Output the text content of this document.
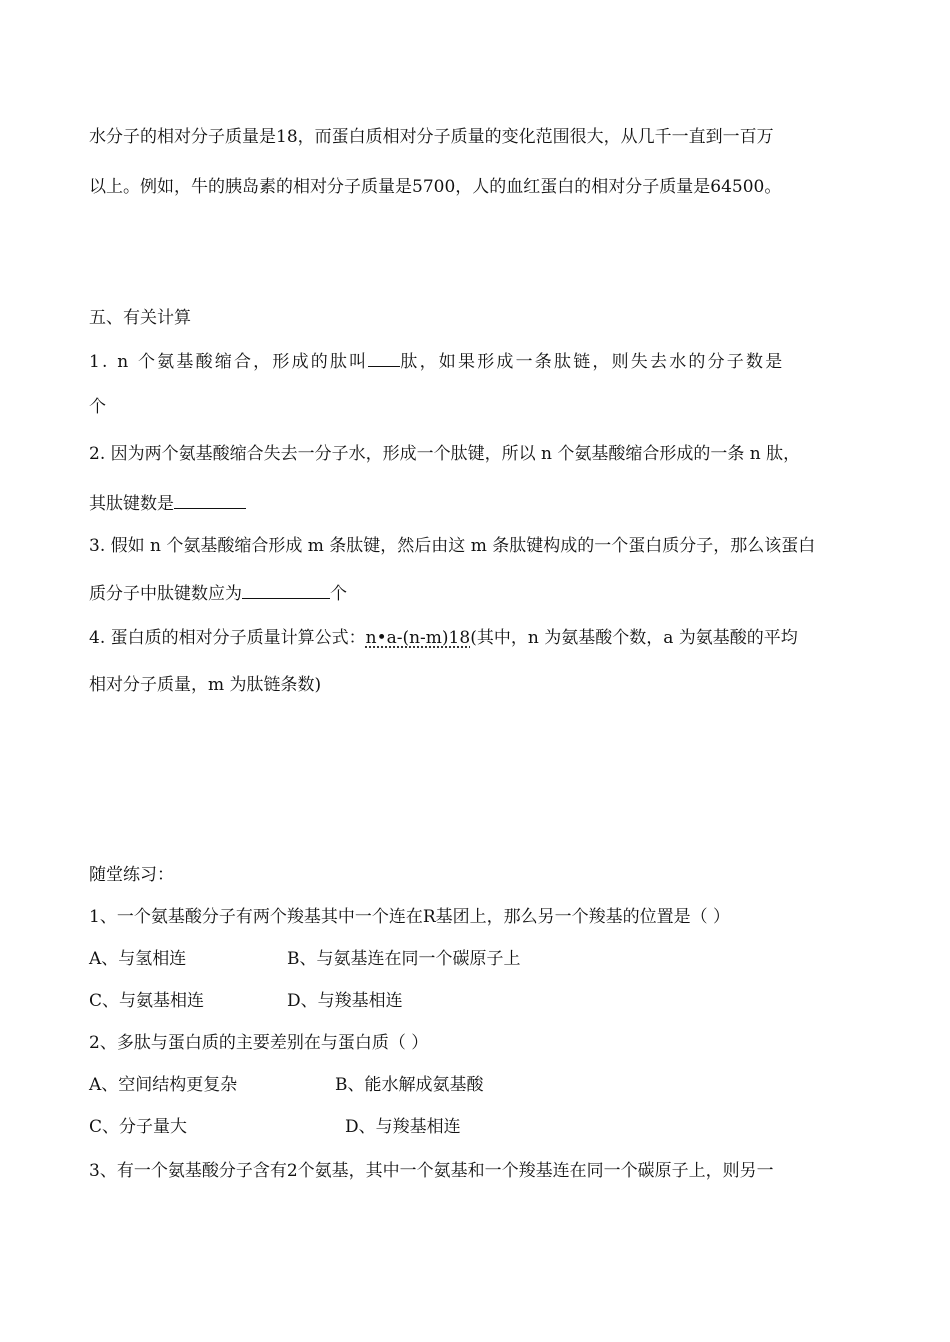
水分子的相对分子质量是18，而蛋白质相对分子质量的变化范围很大，从几千一直到一百万
以上。例如，牛的胰岛素的相对分子质量是5700，人的血红蛋白的相对分子质量是64500。
五、有关计算
1. n 个氨基酸缩合，形成的肽叫 肽，如果形成一条肽链，则失去水的分子数是
个
2. 因为两个氨基酸缩合失去一分子水，形成一个肽键，所以 n 个氨基酸缩合形成的一条 n 肽，
其肽键数是
3. 假如 n 个氨基酸缩合形成 m 条肽键，然后由这 m 条肽键构成的一个蛋白质分子，那么该蛋白
质分子中肽键数应为	个
4. 蛋白质的相对分子质量计算公式：n•a-(n-m)18(其中，n 为氨基酸个数，a 为氨基酸的平均
相对分子质量，m 为肽链条数)
随堂练习：
1、一个氨基酸分子有两个羧基其中一个连在R基团上，那么另一个羧基的位置是（ ）
A、与氢相连	B、与氨基连在同一个碳原子上
C、与氨基相连	D、与羧基相连
2、多肽与蛋白质的主要差别在与蛋白质（ ）
A、空间结构更复杂	B、能水解成氨基酸
C、分子量大	D、与羧基相连
3、有一个氨基酸分子含有2个氨基，其中一个氨基和一个羧基连在同一个碳原子上，则另一
